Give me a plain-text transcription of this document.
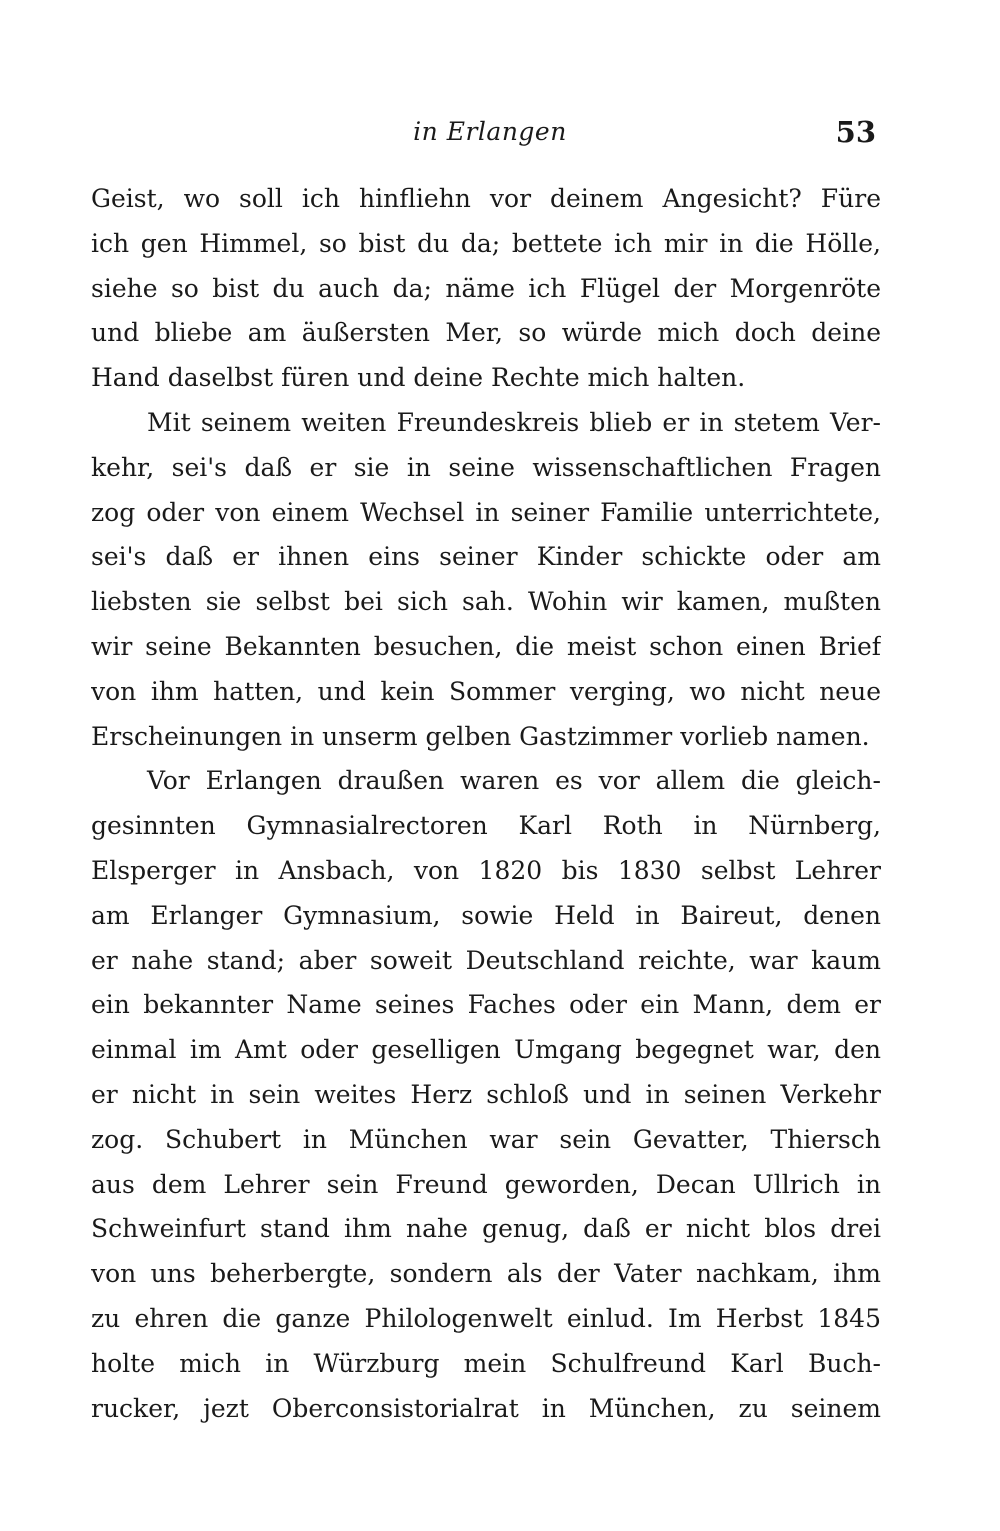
in Erlangen	53
Geist, wo soll ich hinfliehn vor deinem Angesicht? Füre
ich gen Himmel, so bist du da; bettete ich mir in die Hölle,
siehe so bist du auch da; näme ich Flügel der Morgenröte
und bliebe am äußersten Mer, so würde mich doch deine
Hand daselbst füren und deine Rechte mich halten.
Mit seinem weiten Freundeskreis blieb er in stetem Ver-
kehr, sei's daß er sie in seine wissenschaftlichen Fragen
zog oder von einem Wechsel in seiner Familie unterrichtete,
sei's daß er ihnen eins seiner Kinder schickte oder am
liebsten sie selbst bei sich sah. Wohin wir kamen, mußten
wir seine Bekannten besuchen, die meist schon einen Brief
von ihm hatten, und kein Sommer verging, wo nicht neue
Erscheinungen in unserm gelben Gastzimmer vorlieb namen.
Vor Erlangen draußen waren es vor allem die gleich-
gesinnten Gymnasialrectoren Karl Roth in Nürnberg,
Elsperger in Ansbach, von 1820 bis 1830 selbst Lehrer
am Erlanger Gymnasium, sowie Held in Baireut, denen
er nahe stand; aber soweit Deutschland reichte, war kaum
ein bekannter Name seines Faches oder ein Mann, dem er
einmal im Amt oder geselligen Umgang begegnet war, den
er nicht in sein weites Herz schloß und in seinen Verkehr
zog. Schubert in München war sein Gevatter, Thiersch
aus dem Lehrer sein Freund geworden, Decan Ullrich in
Schweinfurt stand ihm nahe genug, daß er nicht blos drei
von uns beherbergte, sondern als der Vater nachkam, ihm
zu ehren die ganze Philologenwelt einlud. Im Herbst 1845
holte mich in Würzburg mein Schulfreund Karl Buch-
rucker, jezt Oberconsistorialrat in München, zu seinem
